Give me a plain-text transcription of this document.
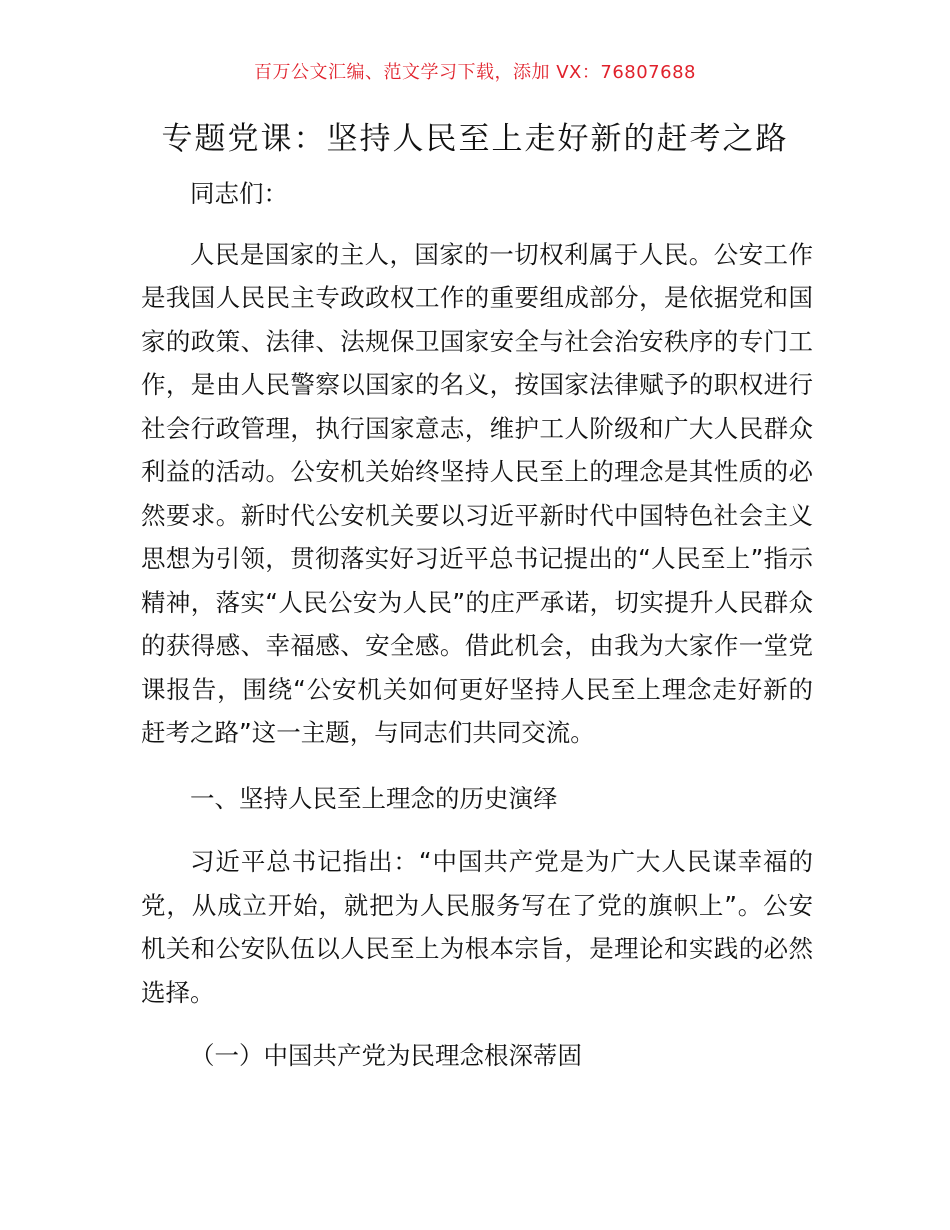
百万公文汇编、范文学习下载，添加 VX：76807688
专题党课：坚持人民至上走好新的赶考之路

同志们：

人民是国家的主人，国家的一切权利属于人民。公安工作是我国人民民主专政政权工作的重要组成部分，是依据党和国家的政策、法律、法规保卫国家安全与社会治安秩序的专门工作，是由人民警察以国家的名义，按国家法律赋予的职权进行社会行政管理，执行国家意志，维护工人阶级和广大人民群众利益的活动。公安机关始终坚持人民至上的理念是其性质的必然要求。新时代公安机关要以习近平新时代中国特色社会主义思想为引领，贯彻落实好习近平总书记提出的“人民至上”指示精神，落实“人民公安为人民”的庄严承诺，切实提升人民群众的获得感、幸福感、安全感。借此机会，由我为大家作一堂党课报告，围绕“公安机关如何更好坚持人民至上理念走好新的赶考之路”这一主题，与同志们共同交流。

一、坚持人民至上理念的历史演绎

习近平总书记指出：“中国共产党是为广大人民谋幸福的党，从成立开始，就把为人民服务写在了党的旗帜上”。公安机关和公安队伍以人民至上为根本宗旨，是理论和实践的必然选择。

（一）中国共产党为民理念根深蒂固
